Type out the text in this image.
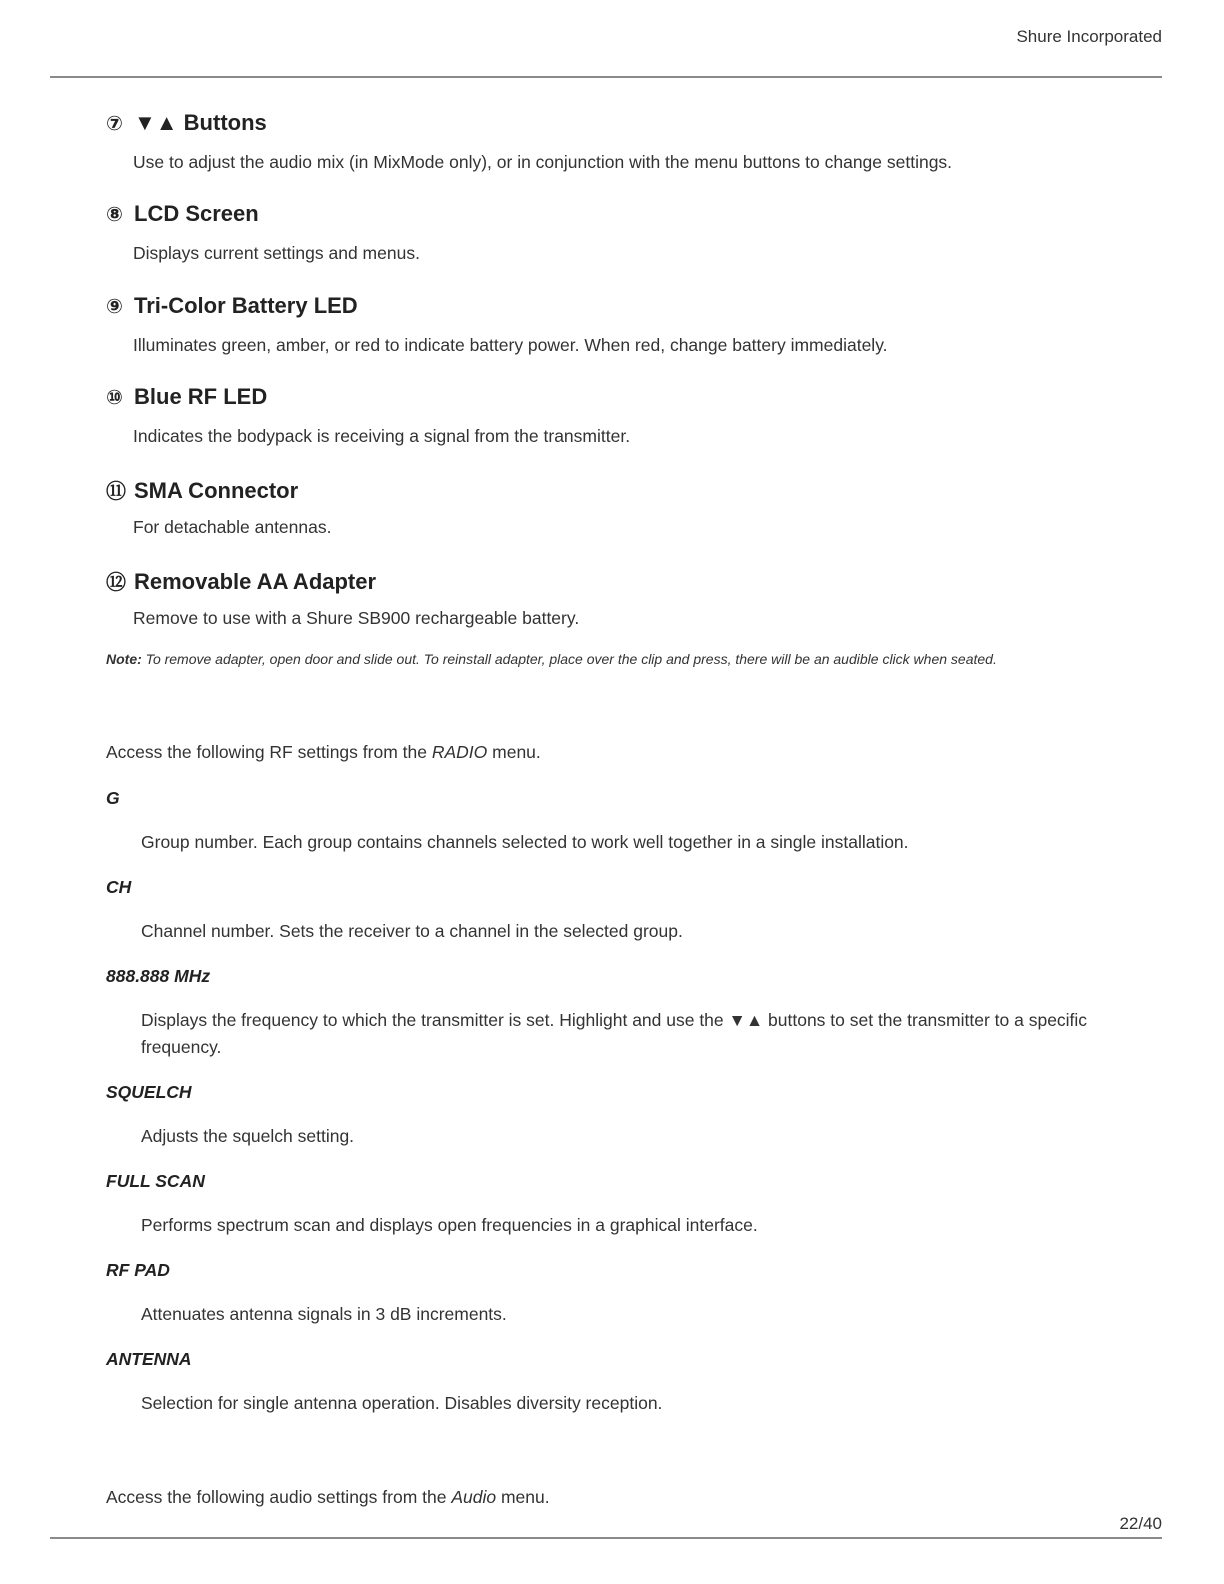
Shure Incorporated
⑦ ▼▲ Buttons
Use to adjust the audio mix (in MixMode only), or in conjunction with the menu buttons to change settings.
⑧ LCD Screen
Displays current settings and menus.
⑨ Tri-Color Battery LED
Illuminates green, amber, or red to indicate battery power. When red, change battery immediately.
⑩ Blue RF LED
Indicates the bodypack is receiving a signal from the transmitter.
⑪ SMA Connector
For detachable antennas.
⑫ Removable AA Adapter
Remove to use with a Shure SB900 rechargeable battery.
Note: To remove adapter, open door and slide out. To reinstall adapter, place over the clip and press, there will be an audible click when seated.
Access the following RF settings from the RADIO menu.
G
Group number. Each group contains channels selected to work well together in a single installation.
CH
Channel number. Sets the receiver to a channel in the selected group.
888.888 MHz
Displays the frequency to which the transmitter is set. Highlight and use the ▼▲ buttons to set the transmitter to a specific frequency.
SQUELCH
Adjusts the squelch setting.
FULL SCAN
Performs spectrum scan and displays open frequencies in a graphical interface.
RF PAD
Attenuates antenna signals in 3 dB increments.
ANTENNA
Selection for single antenna operation. Disables diversity reception.
Access the following audio settings from the Audio menu.
22/40
